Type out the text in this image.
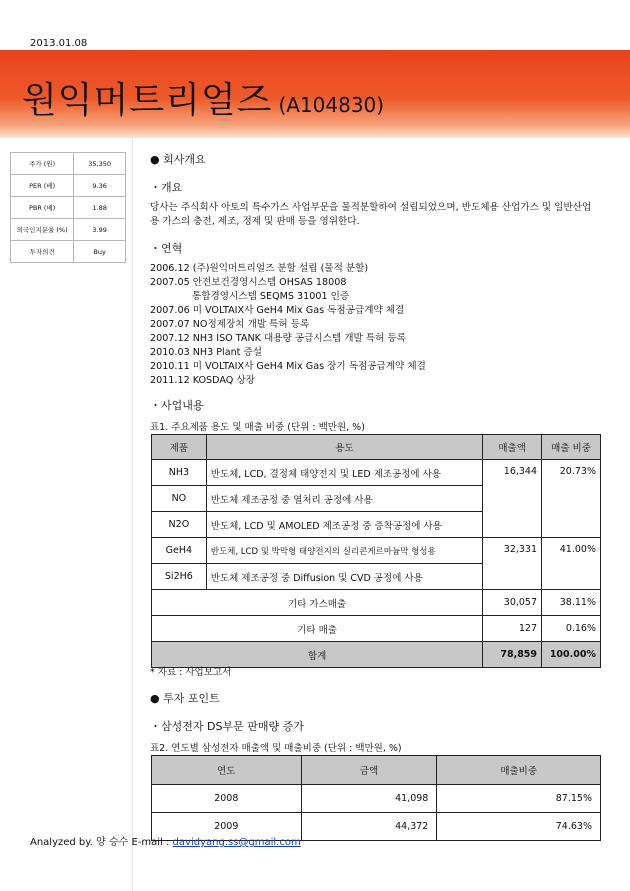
2013.01.08
원익머트리얼즈 (A104830)
주가 (원)	35,350
PER (배)	9.36
PBR (배)	1.88
외국인지분율 (%)	3.99
투자의견	Buy
● 회사개요
・개요
당사는 주식회사 아토의 특수가스 사업부문을 물적분할하여 설립되었으며, 반도체용 산업가스 및 일반산업용 가스의 충전, 제조, 정제 및 판매 등을 영위한다.
・연혁
2006.12 (주)원익머트리얼즈 분할 설립 (물적 분할)
2007.05 안전보건경영시스템 OHSAS 18008
통합경영시스템 SEQMS 31001 인증
2007.06 미 VOLTAIX사 GeH4 Mix Gas 독점공급계약 체결
2007.07 NO정제장치 개발 특허 등록
2007.12 NH3 ISO TANK 대용량 공급시스템 개발 특허 등록
2010.03 NH3 Plant 증설
2010.11 미 VOLTAIX사 GeH4 Mix Gas 장기 독점공급계약 체결
2011.12 KOSDAQ 상장
・사업내용
표1. 주요제품 용도 및 매출 비중 (단위 : 백만원, %)
제품	용도	매출액	매출 비중
NH3	반도체, LCD, 결정체 태양전지 및 LED 제조공정에 사용	16,344	20.73%
NO	반도체 제조공정 중 열처리 공정에 사용		
N2O	반도체, LCD 및 AMOLED 제조공정 중 증착공정에 사용		
GeH4	반도체, LCD 및 박막형 태양전지의 실리콘게르마늄막 형성용	32,331	41.00%
Si2H6	반도체 제조공정 중 Diffusion 및 CVD 공정에 사용		
기타 가스매출		30,057	38.11%
기타 매출		127	0.16%
합계		78,859	100.00%
* 자료 : 사업보고서
● 투자 포인트
・삼성전자 DS부문 판매량 증가
표2. 연도별 삼성전자 매출액 및 매출비중 (단위 : 백만원, %)
연도	금액	매출비중
2008	41,098	87.15%
2009	44,372	74.63%
Analyzed by. 양 승수 E-mail : davidyang.ss@gmail.com
